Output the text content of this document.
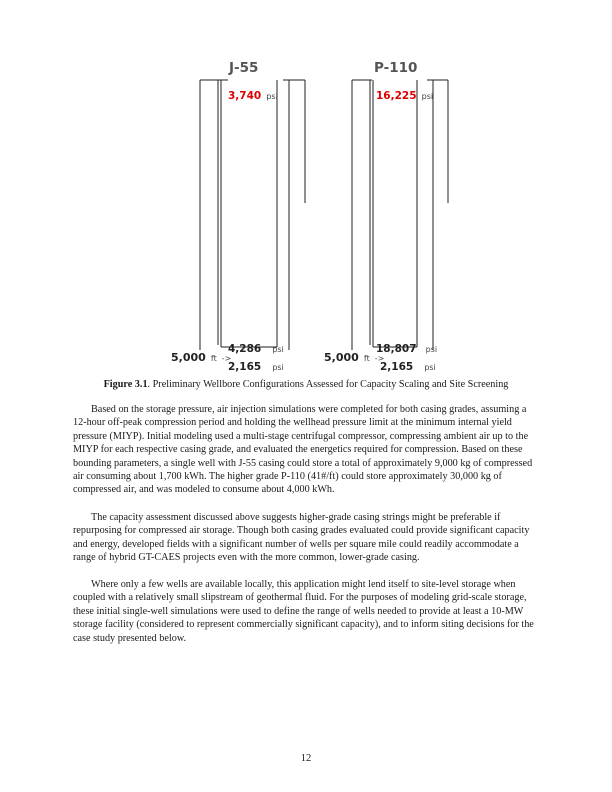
J-55
3,740 psi
4,286 psi
2,165 psi
5,000 ft ->
P-110
16,225 psi
18,807 psi
2,165 psi
5,000 ft ->
Figure 3.1. Preliminary Wellbore Configurations Assessed for Capacity Scaling and Site Screening

Based on the storage pressure, air injection simulations were completed for both casing grades, assuming a 12-hour off-peak compression period and holding the wellhead pressure limit at the minimum internal yield pressure (MIYP). Initial modeling used a multi-stage centrifugal compressor, compressing ambient air up to the MIYP for each respective casing grade, and evaluated the energetics required for compression. Based on these bounding parameters, a single well with J-55 casing could store a total of approximately 9,000 kg of compressed air consuming about 1,700 kWh. The higher grade P-110 (41#/ft) could store approximately 30,000 kg of compressed air, and was modeled to consume about 4,000 kWh.

The capacity assessment discussed above suggests higher-grade casing strings might be preferable if repurposing for compressed air storage. Though both casing grades evaluated could provide significant capacity and energy, developed fields with a significant number of wells per square mile could readily accommodate a range of hybrid GT-CAES projects even with the more common, lower-grade casing.

Where only a few wells are available locally, this application might lend itself to site-level storage when coupled with a relatively small slipstream of geothermal fluid. For the purposes of modeling grid-scale storage, these initial single-well simulations were used to define the range of wells needed to provide at least a 10-MW storage facility (considered to represent commercially significant capacity), and to inform siting decisions for the case study presented below.

12
